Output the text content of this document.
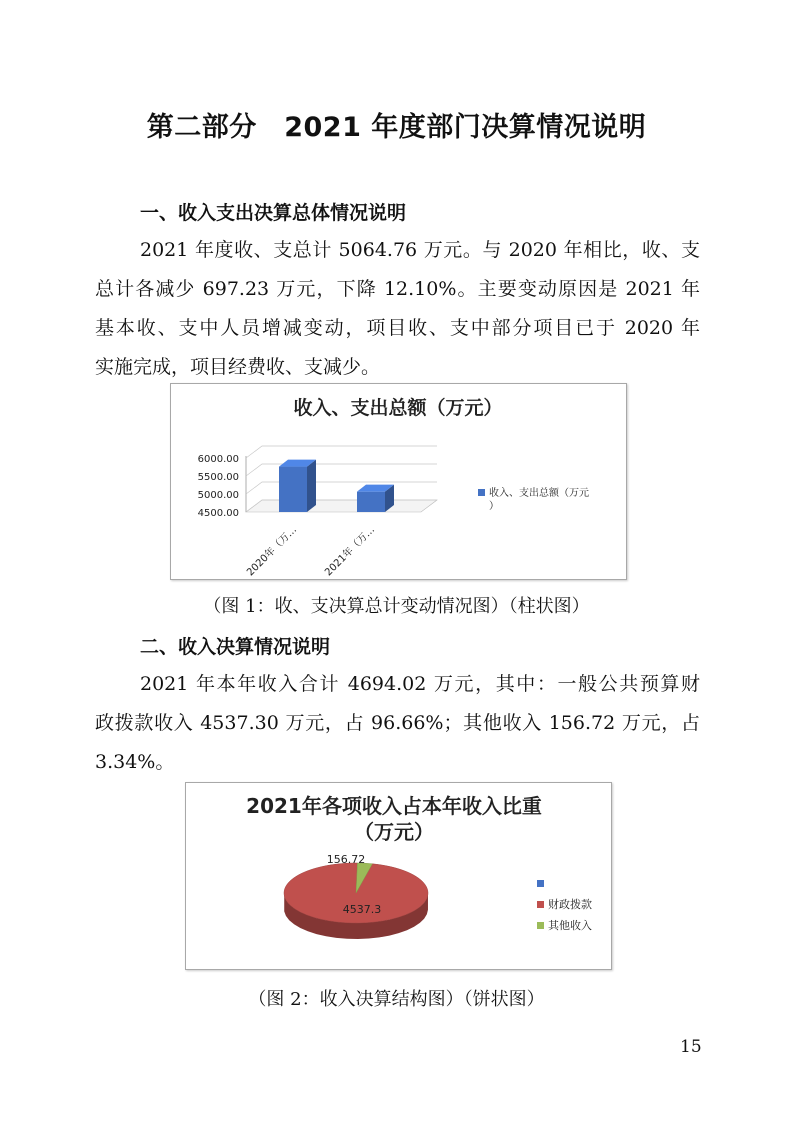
第二部分　2021 年度部门决算情况说明
一、收入支出决算总体情况说明
2021 年度收、支总计 5064.76 万元。与 2020 年相比，收、支
总计各减少 697.23 万元，下降 12.10%。主要变动原因是 2021 年
基本收、支中人员增减变动，项目收、支中部分项目已于 2020 年
实施完成，项目经费收、支减少。
收入、支出总额（万元）
6000.00
5500.00
5000.00
4500.00
2020年（万… 2021年（万…
收入、支出总额（万元
）
（图 1：收、支决算总计变动情况图）（柱状图）
二、收入决算情况说明
2021 年本年收入合计 4694.02 万元，其中：一般公共预算财
政拨款收入 4537.30 万元，占 96.66%；其他收入 156.72 万元，占
3.34%。
2021年各项收入占本年收入比重
（万元）
4537.3
156.72
财政拨款
其他收入
（图 2：收入决算结构图）（饼状图）
15
